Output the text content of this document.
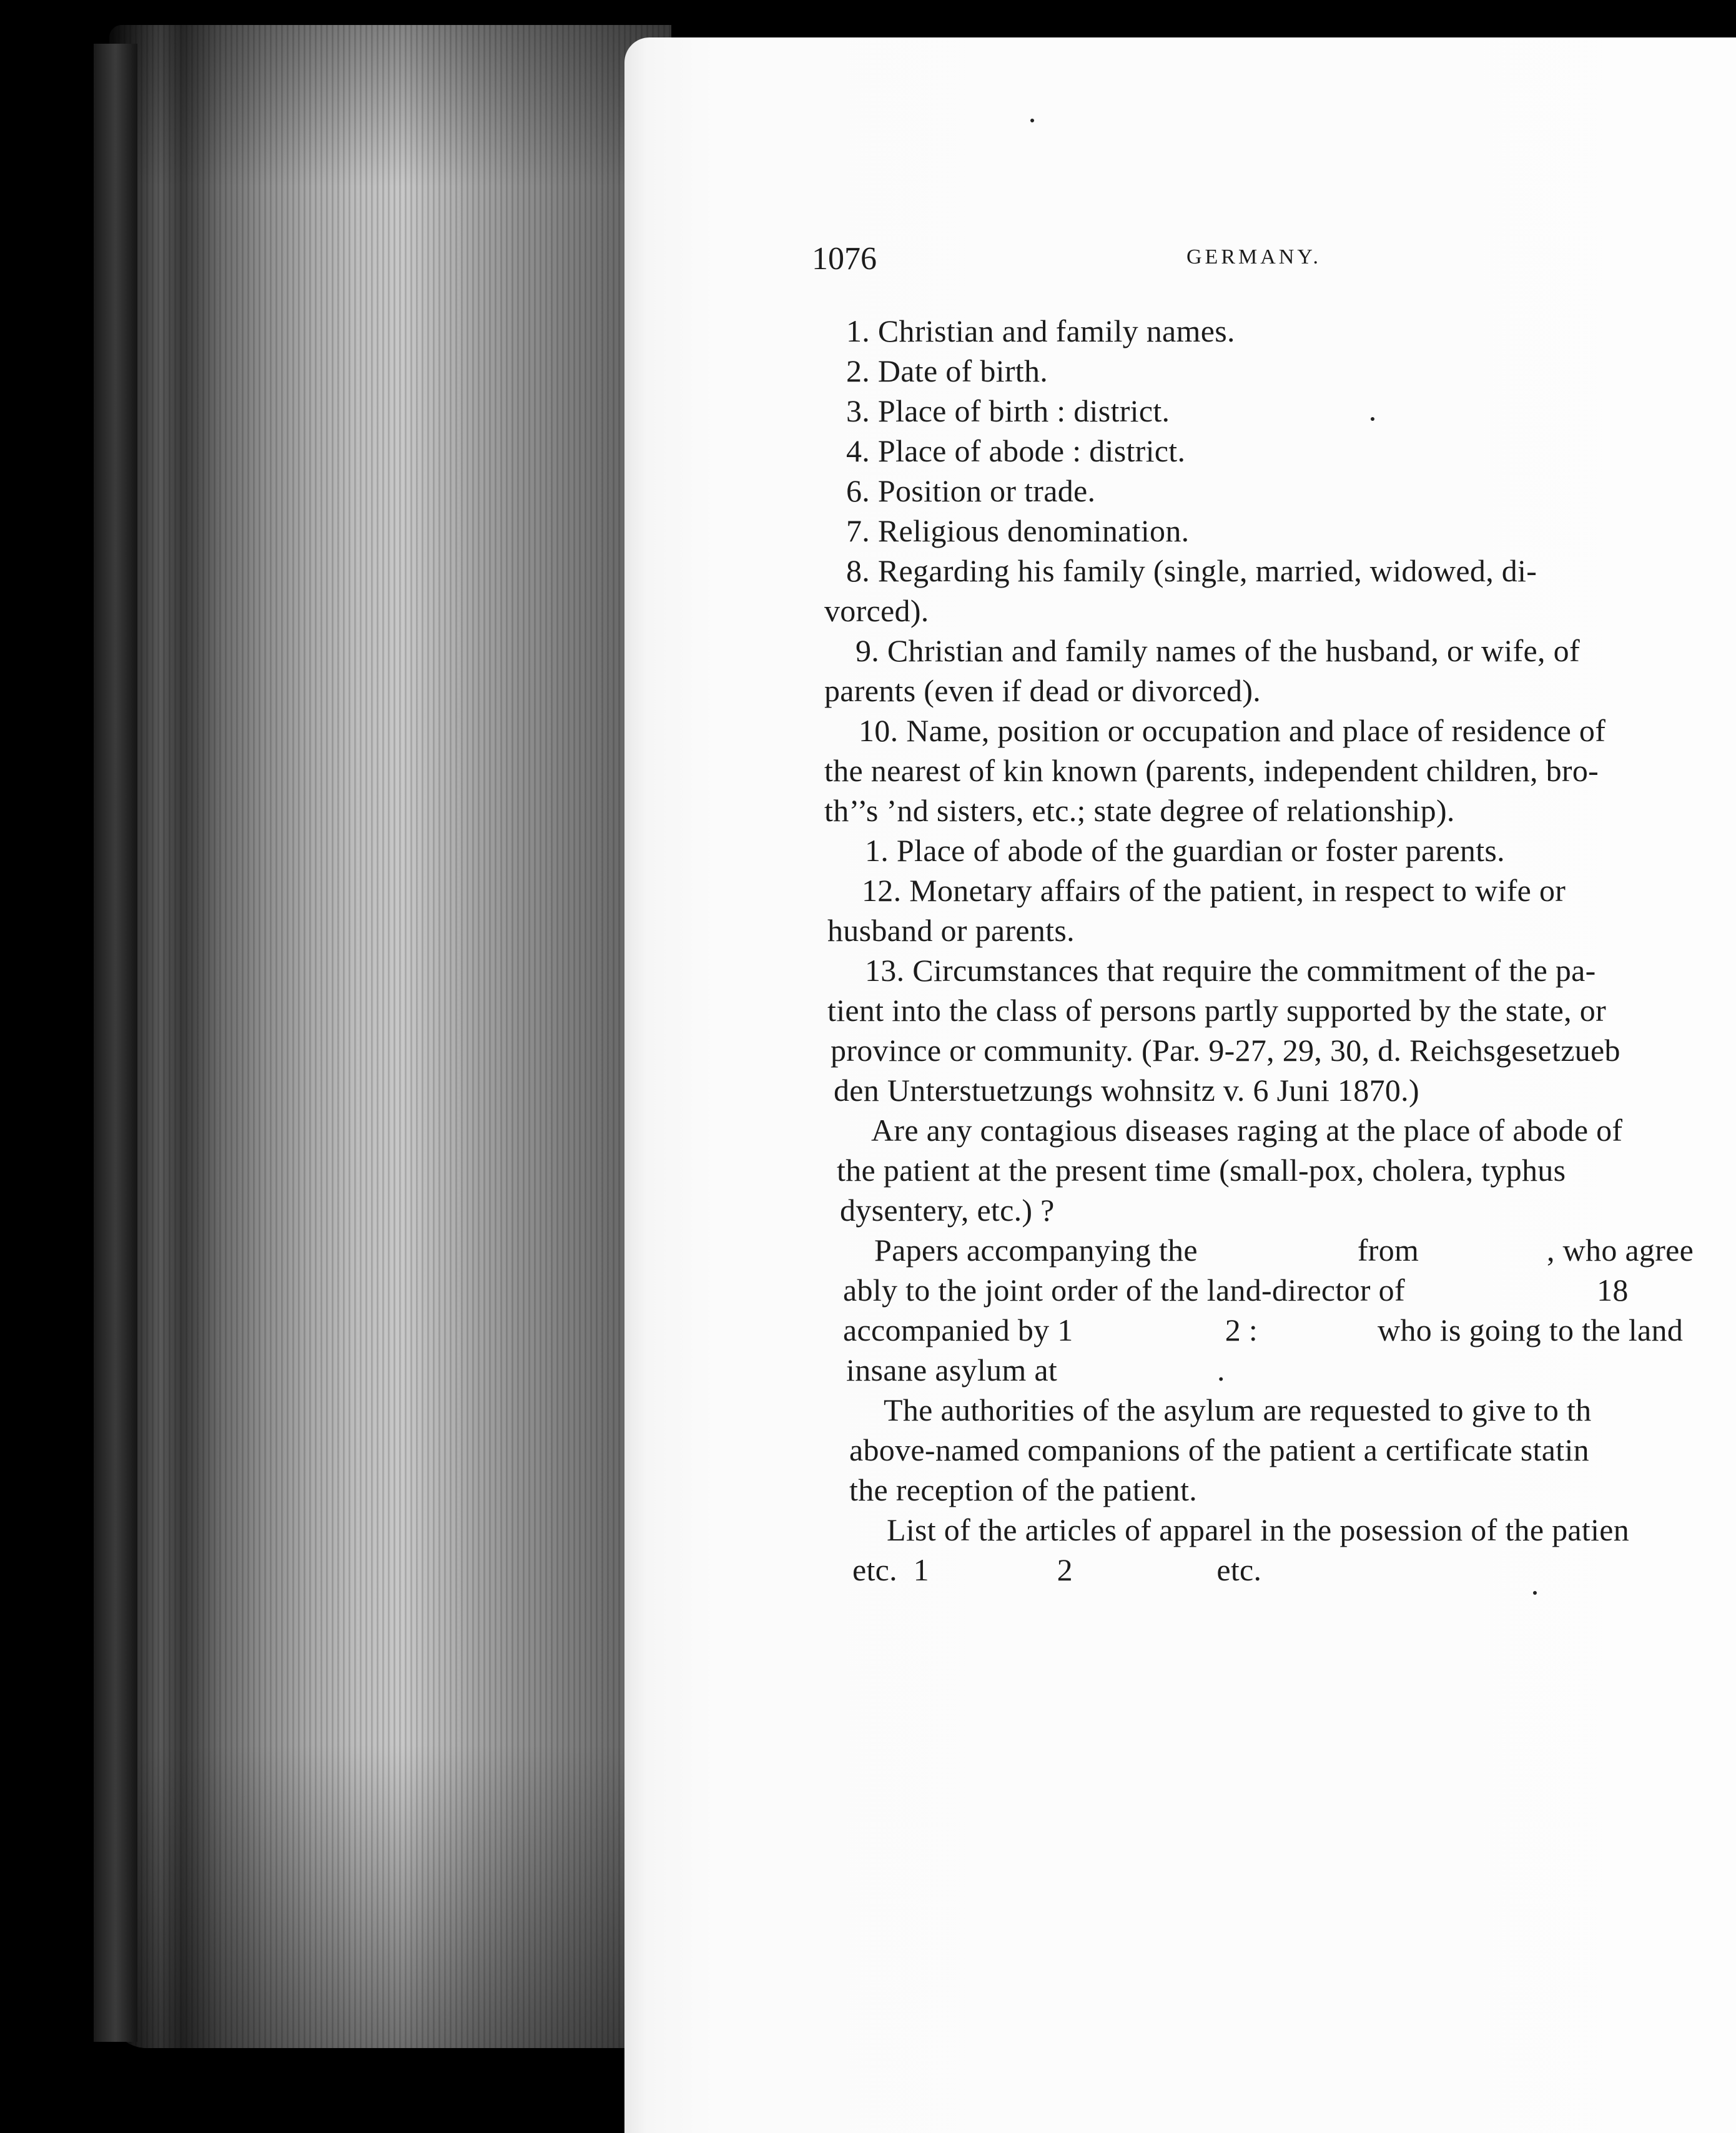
1076	GERMANY.
1. Christian and family names.
2. Date of birth.
3. Place of birth : district.
4. Place of abode : district.
6. Position or trade.
7. Religious denomination.
8. Regarding his family (single, married, widowed, di-
vorced).
9. Christian and family names of the husband, or wife, of
parents (even if dead or divorced).
10. Name, position or occupation and place of residence of
the nearest of kin known (parents, independent children, bro-
th’’s ’nd sisters, etc.; state degree of relationship).
1. Place of abode of the guardian or foster parents.
12. Monetary affairs of the patient, in respect to wife or
husband or parents.
13. Circumstances that require the commitment of the pa-
tient into the class of persons partly supported by the state, or
province or community. (Par. 9-27, 29, 30, d. Reichsgesetzueb
den Unterstuetzungs wohnsitz v. 6 Juni 1870.)
Are any contagious diseases raging at the place of abode of
the patient at the present time (small-pox, cholera, typhus
dysentery, etc.) ?
Papers accompanying the                    from                , who agree
ably to the joint order of the land-director of                        18
accompanied by 1                   2 :               who is going to the land
insane asylum at                    .
The authorities of the asylum are requested to give to th
above-named companions of the patient a certificate statin
the reception of the patient.
List of the articles of apparel in the posession of the patien
etc.  1                2                  etc.
